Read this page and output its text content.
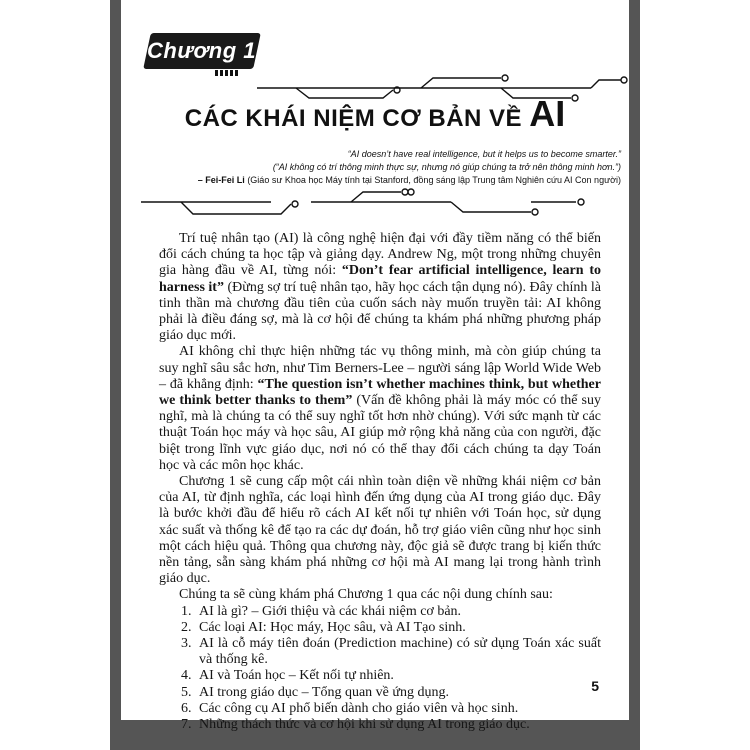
Chương 1
CÁC KHÁI NIỆM CƠ BẢN VỀ AI
“AI doesn’t have real intelligence, but it helps us to become smarter.”
(“AI không có trí thông minh thực sự, nhưng nó giúp chúng ta trở nên thông minh hơn.”)
– Fei-Fei Li (Giáo sư Khoa học Máy tính tại Stanford, đồng sáng lập Trung tâm Nghiên cứu AI Con người)

Trí tuệ nhân tạo (AI) là công nghệ hiện đại với đầy tiềm năng có thể biến đổi cách chúng ta học tập và giảng dạy. Andrew Ng, một trong những chuyên gia hàng đầu về AI, từng nói: “Don’t fear artificial intelligence, learn to harness it” (Đừng sợ trí tuệ nhân tạo, hãy học cách tận dụng nó). Đây chính là tinh thần mà chương đầu tiên của cuốn sách này muốn truyền tải: AI không phải là điều đáng sợ, mà là cơ hội để chúng ta khám phá những phương pháp giáo dục mới.

AI không chỉ thực hiện những tác vụ thông minh, mà còn giúp chúng ta suy nghĩ sâu sắc hơn, như Tim Berners-Lee – người sáng lập World Wide Web – đã khẳng định: “The question isn’t whether machines think, but whether we think better thanks to them” (Vấn đề không phải là máy móc có thể suy nghĩ, mà là chúng ta có thể suy nghĩ tốt hơn nhờ chúng). Với sức mạnh từ các thuật Toán học máy và học sâu, AI giúp mở rộng khả năng của con người, đặc biệt trong lĩnh vực giáo dục, nơi nó có thể thay đổi cách chúng ta dạy Toán học và các môn học khác.

Chương 1 sẽ cung cấp một cái nhìn toàn diện về những khái niệm cơ bản của AI, từ định nghĩa, các loại hình đến ứng dụng của AI trong giáo dục. Đây là bước khởi đầu để hiểu rõ cách AI kết nối tự nhiên với Toán học, sử dụng xác suất và thống kê để tạo ra các dự đoán, hỗ trợ giáo viên cũng như học sinh một cách hiệu quả. Thông qua chương này, độc giả sẽ được trang bị kiến thức nền tảng, sẵn sàng khám phá những cơ hội mà AI mang lại trong hành trình giáo dục.

Chúng ta sẽ cùng khám phá Chương 1 qua các nội dung chính sau:

1. AI là gì? – Giới thiệu và các khái niệm cơ bản.
2. Các loại AI: Học máy, Học sâu, và AI Tạo sinh.
3. AI là cỗ máy tiên đoán (Prediction machine) có sử dụng Toán xác suất và thống kê.
4. AI và Toán học – Kết nối tự nhiên.
5. AI trong giáo dục – Tổng quan về ứng dụng.
6. Các công cụ AI phổ biến dành cho giáo viên và học sinh.
7. Những thách thức và cơ hội khi sử dụng AI trong giáo dục.
5
